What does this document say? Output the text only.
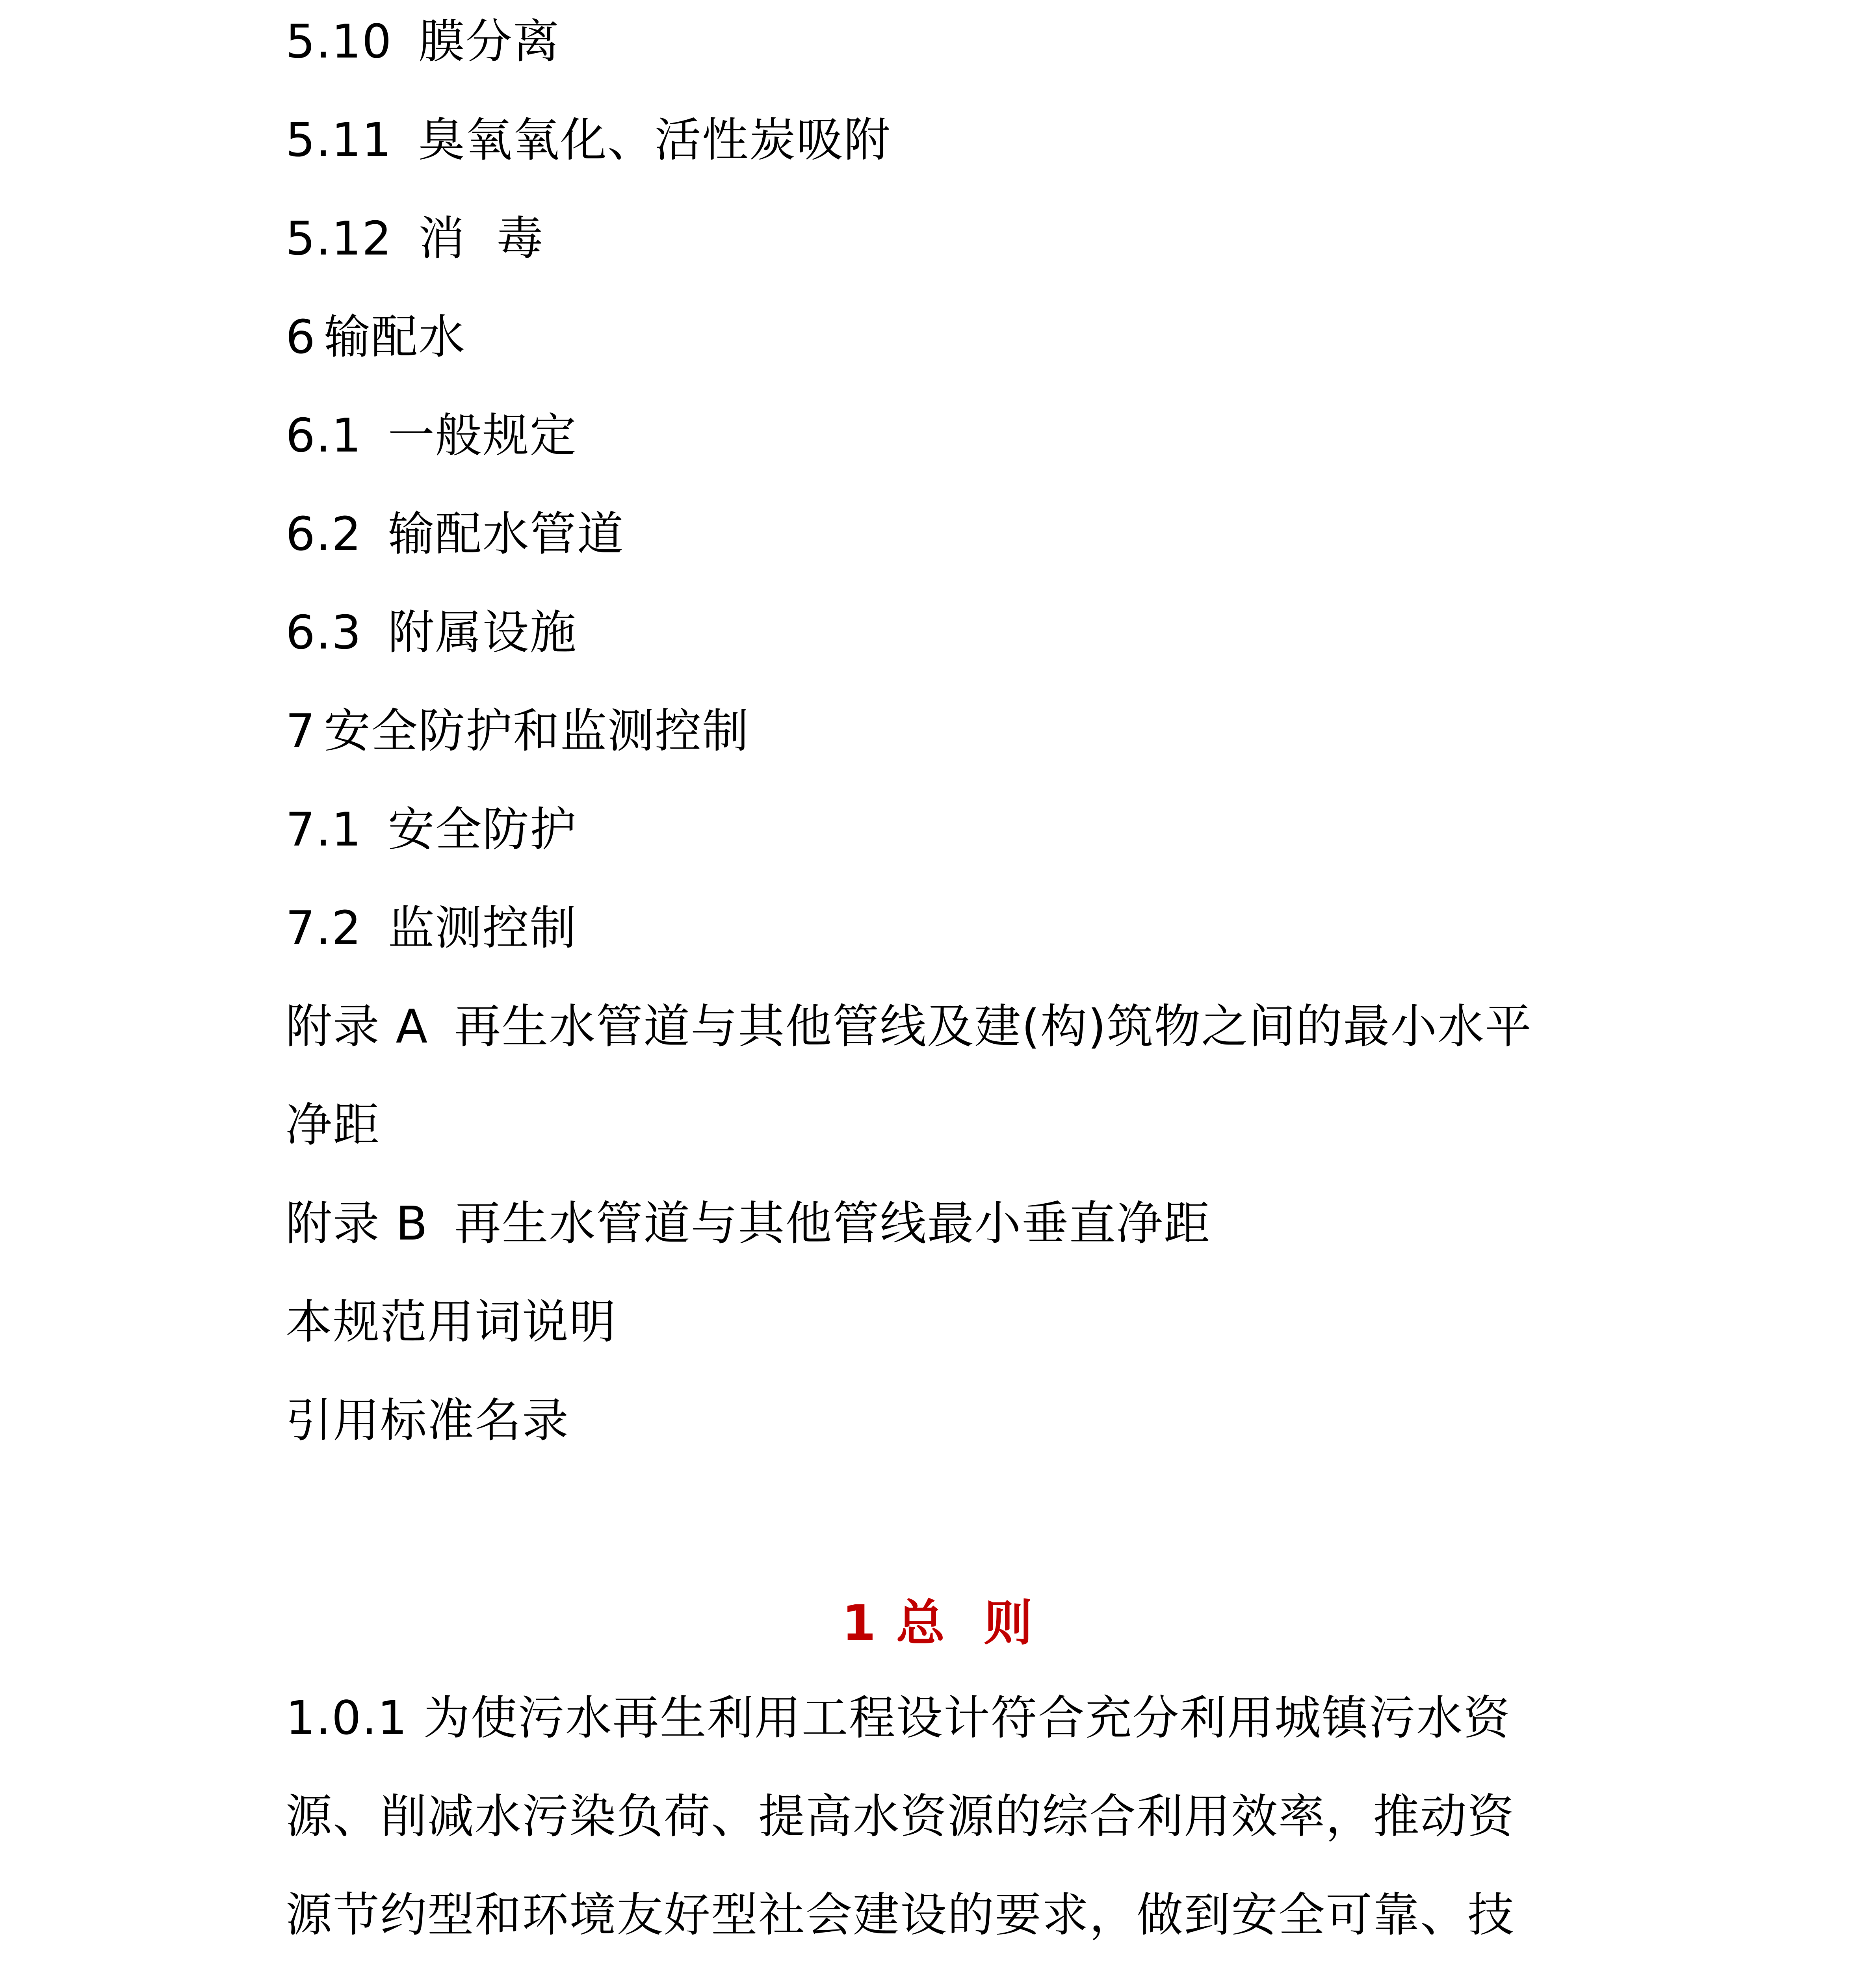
5.10 膜分离
5.11 臭氧氧化、活性炭吸附
5.12 消  毒
6 输配水
6.1 一般规定
6.2 输配水管道
6.3 附属设施
7 安全防护和监测控制
7.1 安全防护
7.2 监测控制
附录 A 再生水管道与其他管线及建(构)筑物之间的最小水平
净距
附录 B 再生水管道与其他管线最小垂直净距
本规范用词说明
引用标准名录
1 总  则
1.0.1 为使污水再生利用工程设计符合充分利用城镇污水资
源、削减水污染负荷、提高水资源的综合利用效率，推动资
源节约型和环境友好型社会建设的要求，做到安全可靠、技
